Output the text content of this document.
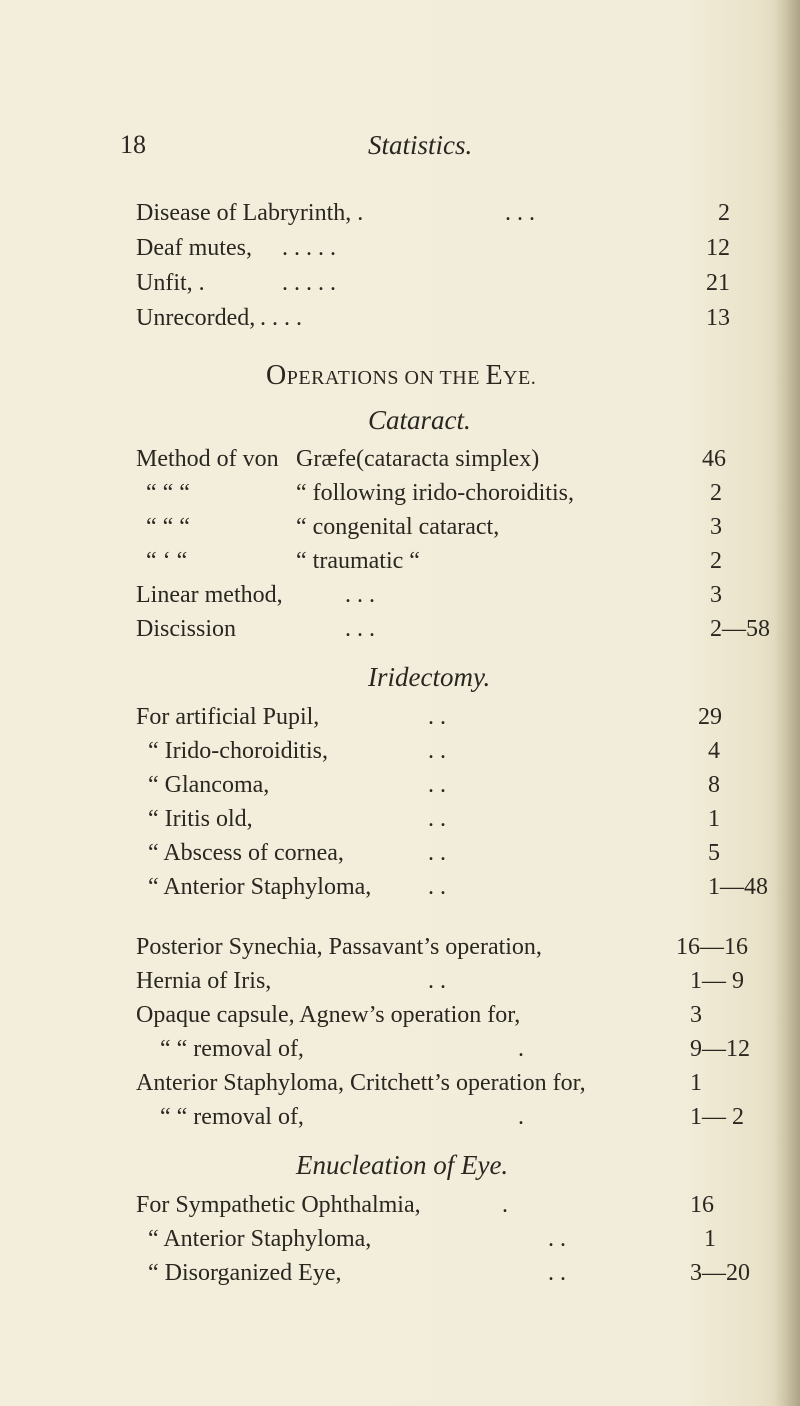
18	Statistics.
Disease of Labryrinth, .	. . .	2
Deaf mutes, . . . . .	12
Unfit, .	. . . . .	21
Unrecorded, . . . .	13
OPERATIONS ON THE EYE.
Cataract.
Method of von Græfe(cataracta simplex)	46
“ “ “	“ following irido-choroiditis,	2
“ “ “	“ congenital cataract,	3
“ ‘ “	“ traumatic “	2
Linear method,	. . .	3
Discission	. . .	2—58
Iridectomy.
For artificial Pupil,	. .	29
“ Irido-choroiditis,	. .	4
“ Glancoma,	. .	8
“ Iritis old,	. .	1
“ Abscess of cornea,	. .	5
“ Anterior Staphyloma, . .	1—48
Posterior Synechia, Passavant’s operation,	16—16
Hernia of Iris,	. .	1— 9
Opaque capsule, Agnew’s operation for,	3
“ “ removal of,	.	9—12
Anterior Staphyloma, Critchett’s operation for,	1
“ “ removal of,	.	1— 2
Enucleation of Eye.
For Sympathetic Ophthalmia,	.	16
“ Anterior Staphyloma,	. .	1
“ Disorganized Eye,	. .	3—20
